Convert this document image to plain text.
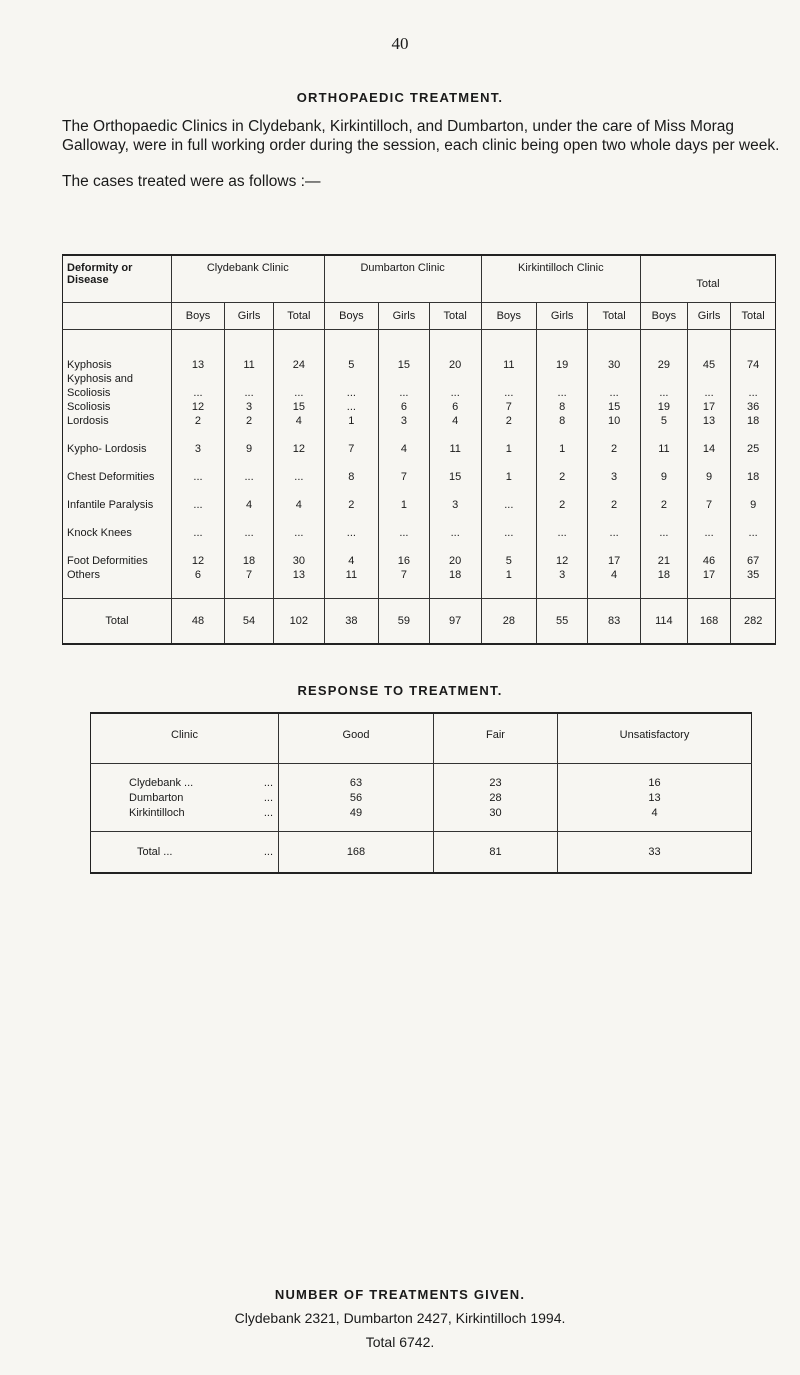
40
ORTHOPAEDIC TREATMENT.

The Orthopaedic Clinics in Clydebank, Kirkintilloch, and Dumbarton, under the care of Miss Morag Galloway, were in full working order during the session, each clinic being open two whole days per week.

The cases treated were as follows :—
Deformity or Disease	Clydebank Clinic			Dumbarton Clinic			Kirkintilloch Clinic			Total		
	Boys	Girls	Total	Boys	Girls	Total	Boys	Girls	Total	Boys	Girls	Total

Kyphosis	13	11	24	5	15	20	11	19	30	29	45	74
Kyphosis and Scoliosis	...	...	...	...	...	...	...	...	...	...	...	...
Scoliosis	12	3	15	...	6	6	7	8	15	19	17	36
Lordosis	2	2	4	1	3	4	2	8	10	5	13	18
Kypho- Lordosis	3	9	12	7	4	11	1	1	2	11	14	25
Chest Deformities	...	...	...	8	7	15	1	2	3	9	9	18
Infantile Paralysis	...	4	4	2	1	3	...	2	2	2	7	9
Knock Knees	...	...	...	...	...	...	...	...	...	...	...	...
Foot Deformities	12	18	30	4	16	20	5	12	17	21	46	67
Others	6	7	13	11	7	18	1	3	4	18	17	35

Total	48	54	102	38	59	97	28	55	83	114	168	282
RESPONSE TO TREATMENT.
Clinic	Good	Fair	Unsatisfactory

Clydebank ... ...	63	23	16
Dumbarton ...	56	28	13
Kirkintilloch ...	49	30	4

Total ... ...	168	81	33
NUMBER OF TREATMENTS GIVEN.
Clydebank 2321, Dumbarton 2427, Kirkintilloch 1994.
Total 6742.
